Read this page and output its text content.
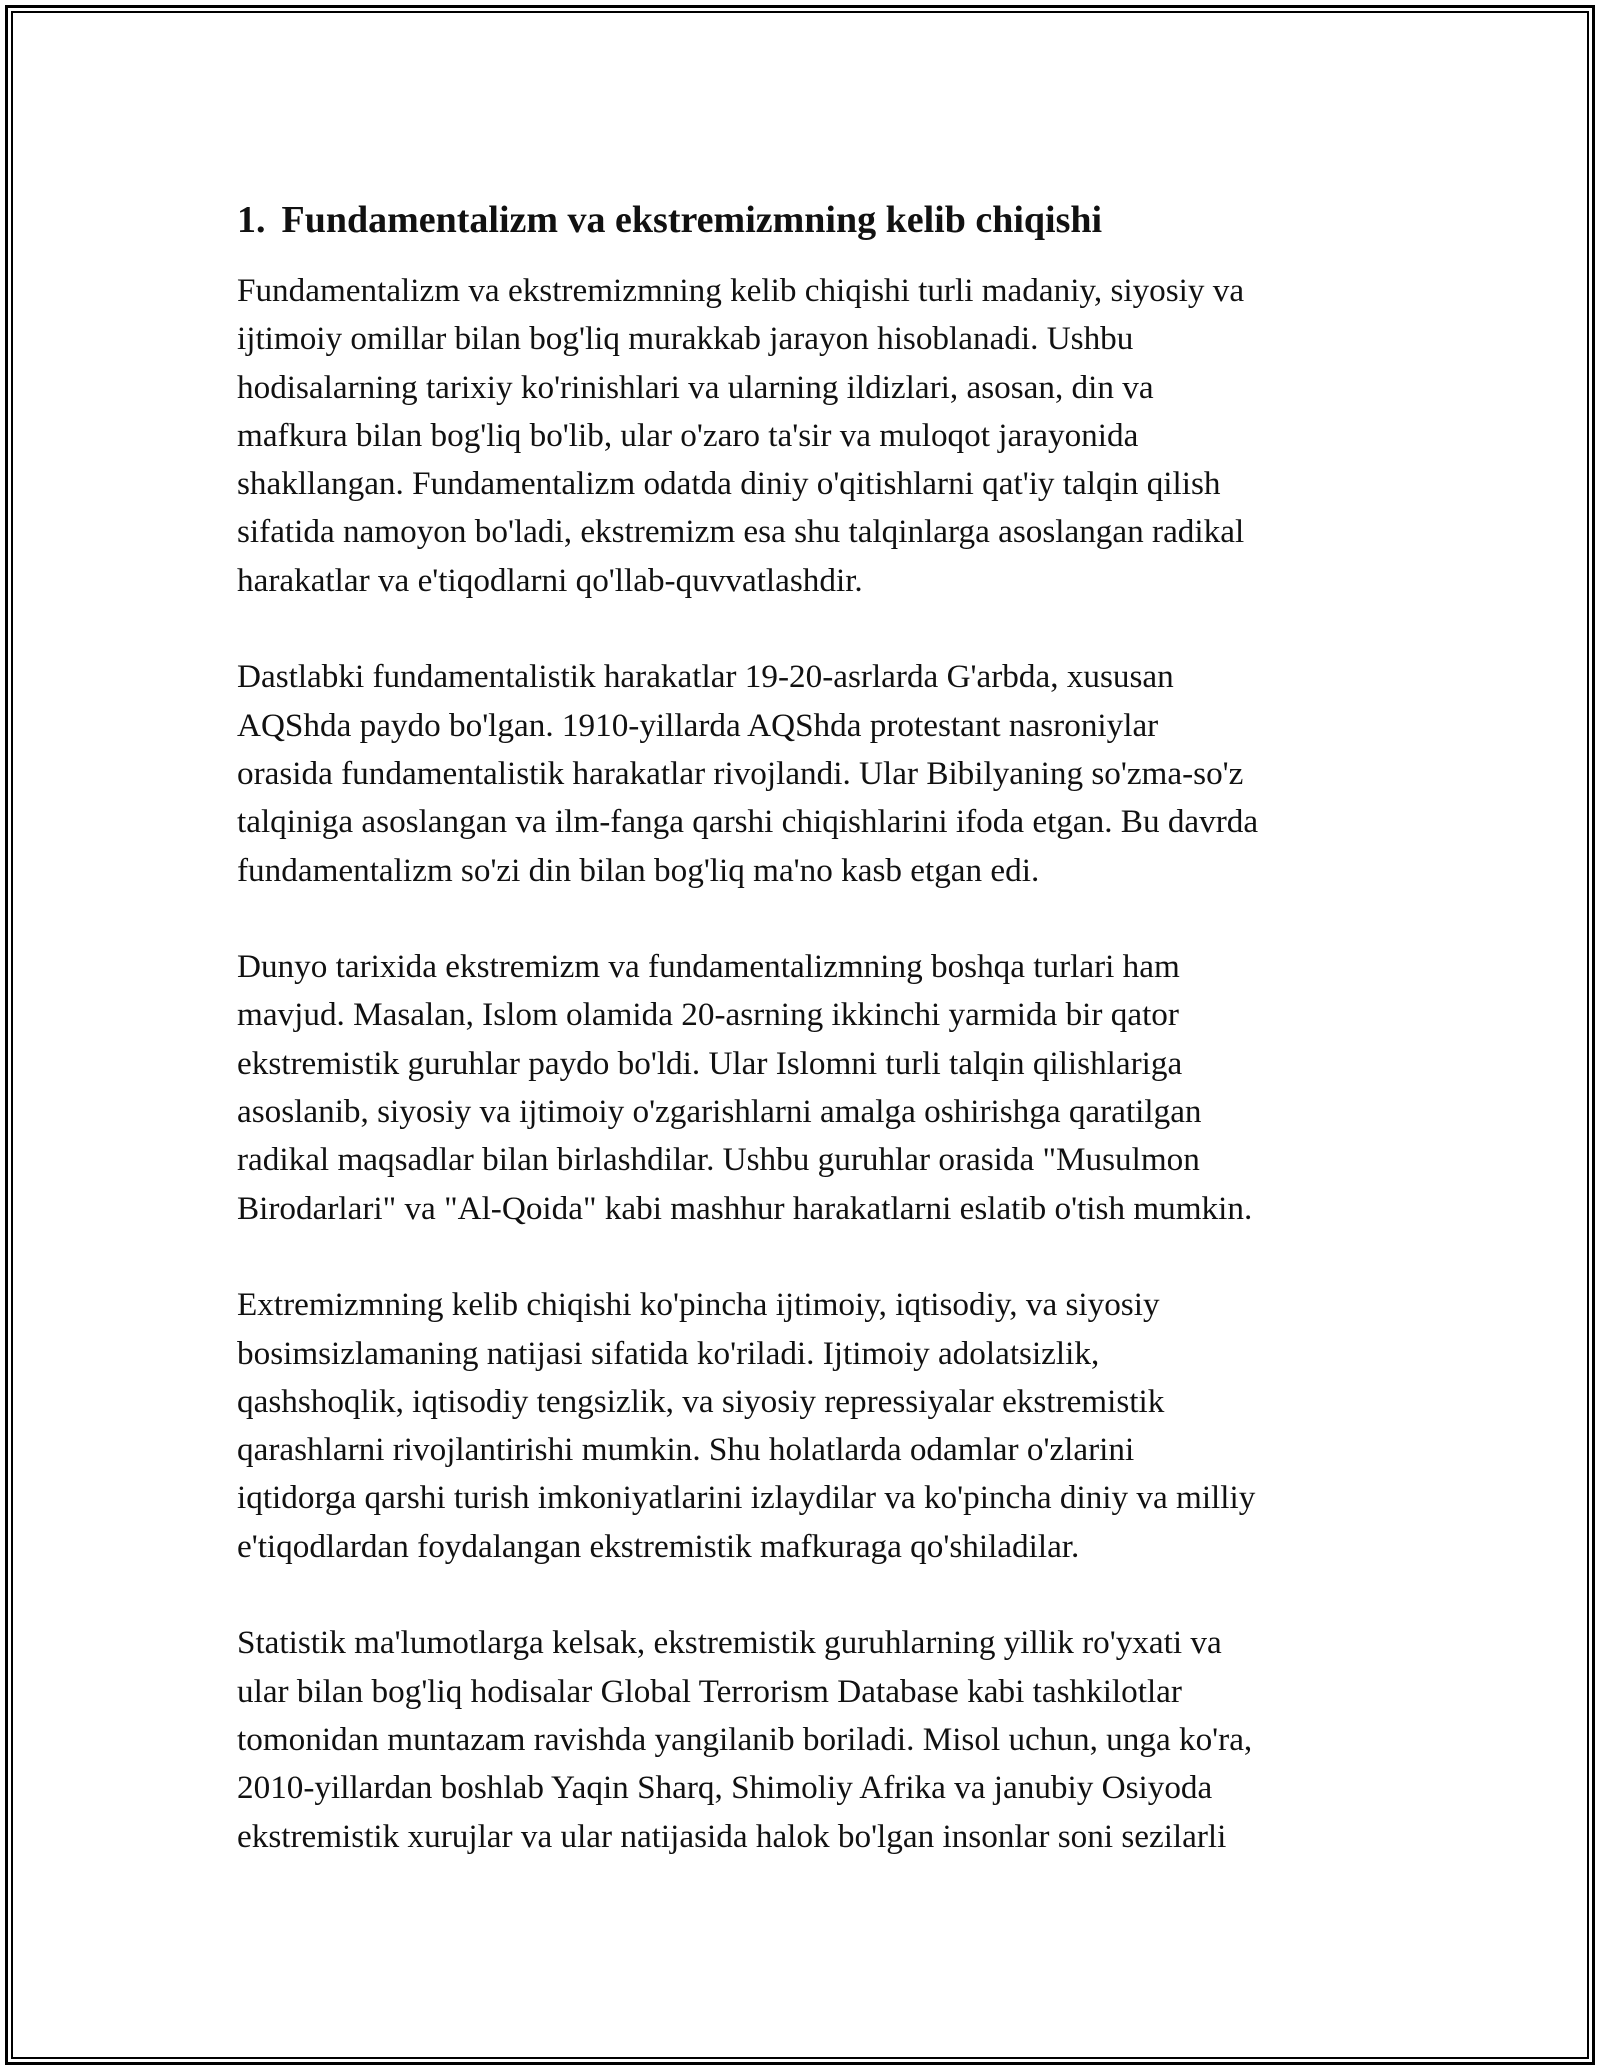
1. Fundamentalizm va ekstremizmning kelib chiqishi

Fundamentalizm va ekstremizmning kelib chiqishi turli madaniy, siyosiy va
ijtimoiy omillar bilan bog'liq murakkab jarayon hisoblanadi. Ushbu
hodisalarning tarixiy ko'rinishlari va ularning ildizlari, asosan, din va
mafkura bilan bog'liq bo'lib, ular o'zaro ta'sir va muloqot jarayonida
shakllangan. Fundamentalizm odatda diniy o'qitishlarni qat'iy talqin qilish
sifatida namoyon bo'ladi, ekstremizm esa shu talqinlarga asoslangan radikal
harakatlar va e'tiqodlarni qo'llab-quvvatlashdir.

Dastlabki fundamentalistik harakatlar 19-20-asrlarda G'arbda, xususan
AQShda paydo bo'lgan. 1910-yillarda AQShda protestant nasroniylar
orasida fundamentalistik harakatlar rivojlandi. Ular Bibilyaning so'zma-so'z
talqiniga asoslangan va ilm-fanga qarshi chiqishlarini ifoda etgan. Bu davrda
fundamentalizm so'zi din bilan bog'liq ma'no kasb etgan edi.

Dunyo tarixida ekstremizm va fundamentalizmning boshqa turlari ham
mavjud. Masalan, Islom olamida 20-asrning ikkinchi yarmida bir qator
ekstremistik guruhlar paydo bo'ldi. Ular Islomni turli talqin qilishlariga
asoslanib, siyosiy va ijtimoiy o'zgarishlarni amalga oshirishga qaratilgan
radikal maqsadlar bilan birlashdilar. Ushbu guruhlar orasida "Musulmon
Birodarlari" va "Al-Qoida" kabi mashhur harakatlarni eslatib o'tish mumkin.

Extremizmning kelib chiqishi ko'pincha ijtimoiy, iqtisodiy, va siyosiy
bosimsizlamaning natijasi sifatida ko'riladi. Ijtimoiy adolatsizlik,
qashshoqlik, iqtisodiy tengsizlik, va siyosiy repressiyalar ekstremistik
qarashlarni rivojlantirishi mumkin. Shu holatlarda odamlar o'zlarini
iqtidorga qarshi turish imkoniyatlarini izlaydilar va ko'pincha diniy va milliy
e'tiqodlardan foydalangan ekstremistik mafkuraga qo'shiladilar.

Statistik ma'lumotlarga kelsak, ekstremistik guruhlarning yillik ro'yxati va
ular bilan bog'liq hodisalar Global Terrorism Database kabi tashkilotlar
tomonidan muntazam ravishda yangilanib boriladi. Misol uchun, unga ko'ra,
2010-yillardan boshlab Yaqin Sharq, Shimoliy Afrika va janubiy Osiyoda
ekstremistik xurujlar va ular natijasida halok bo'lgan insonlar soni sezilarli
